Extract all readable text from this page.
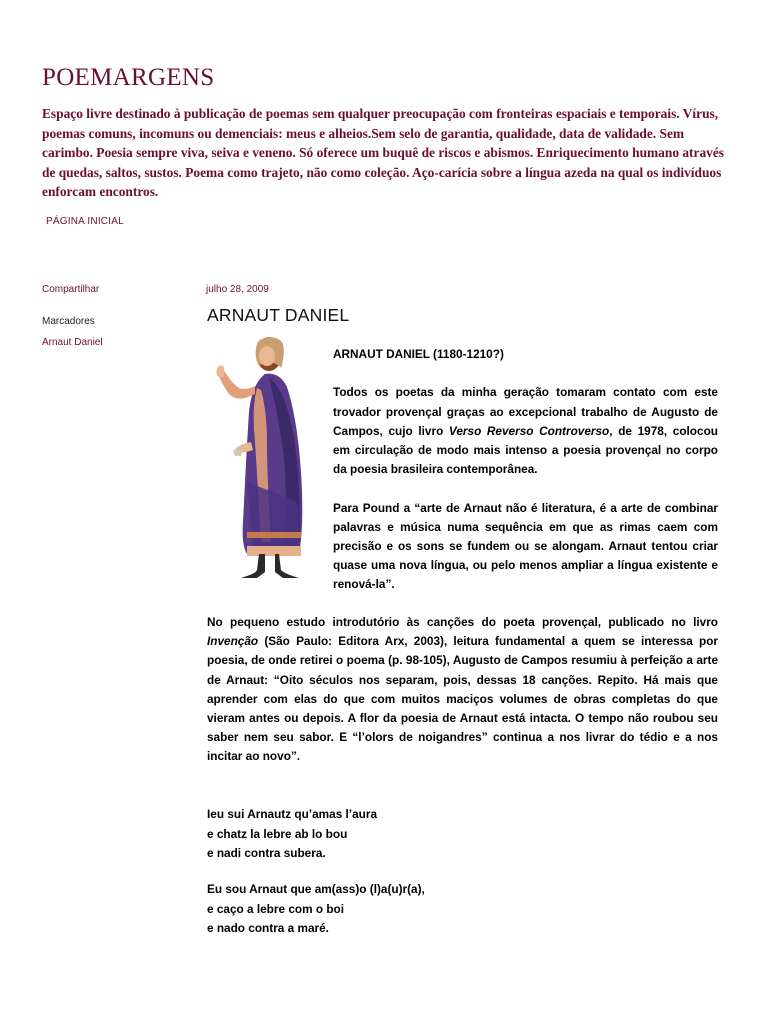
POEMARGENS

Espaço livre destinado à publicação de poemas sem qualquer preocupação com fronteiras espaciais e temporais. Vírus, poemas comuns, incomuns ou demenciais: meus e alheios.Sem selo de garantia, qualidade, data de validade. Sem carimbo. Poesia sempre viva, seiva e veneno. Só oferece um buquê de riscos e abismos. Enriquecimento humano através de quedas, saltos, sustos. Poema como trajeto, não como coleção. Aço-carícia sobre a língua azeda na qual os indivíduos enforcam encontros.

PÁGINA INICIAL
Compartilhar
Marcadores
Arnaut Daniel
julho 28, 2009
ARNAUT DANIEL

ARNAUT DANIEL (1180-1210?)

Todos os poetas da minha geração tomaram contato com este trovador provençal graças ao excepcional trabalho de Augusto de Campos, cujo livro Verso Reverso Controverso, de 1978, colocou em circulação de modo mais intenso a poesia provençal no corpo da poesia brasileira contemporânea.

Para Pound a “arte de Arnaut não é literatura, é a arte de combinar palavras e música numa sequência em que as rimas caem com precisão e os sons se fundem ou se alongam. Arnaut tentou criar quase uma nova língua, ou pelo menos ampliar a língua existente e renová-la”.

No pequeno estudo introdutório às canções do poeta provençal, publicado no livro Invenção (São Paulo: Editora Arx, 2003), leitura fundamental a quem se interessa por poesia, de onde retirei o poema (p. 98-105), Augusto de Campos resumiu à perfeição a arte de Arnaut: “Oito séculos nos separam, pois, dessas 18 canções. Repito. Há mais que aprender com elas do que com muitos maciços volumes de obras completas do que vieram antes ou depois. A flor da poesia de Arnaut está intacta. O tempo não roubou seu saber nem seu sabor. E “l’olors de noigandres” continua a nos livrar do tédio e a nos incitar ao novo”.

Ieu sui Arnautz qu’amas l’aura
e chatz la lebre ab lo bou
e nadi contra subera.
Eu sou Arnaut que am(ass)o (l)a(u)r(a),
e caço a lebre com o boi
e nado contra a maré.
